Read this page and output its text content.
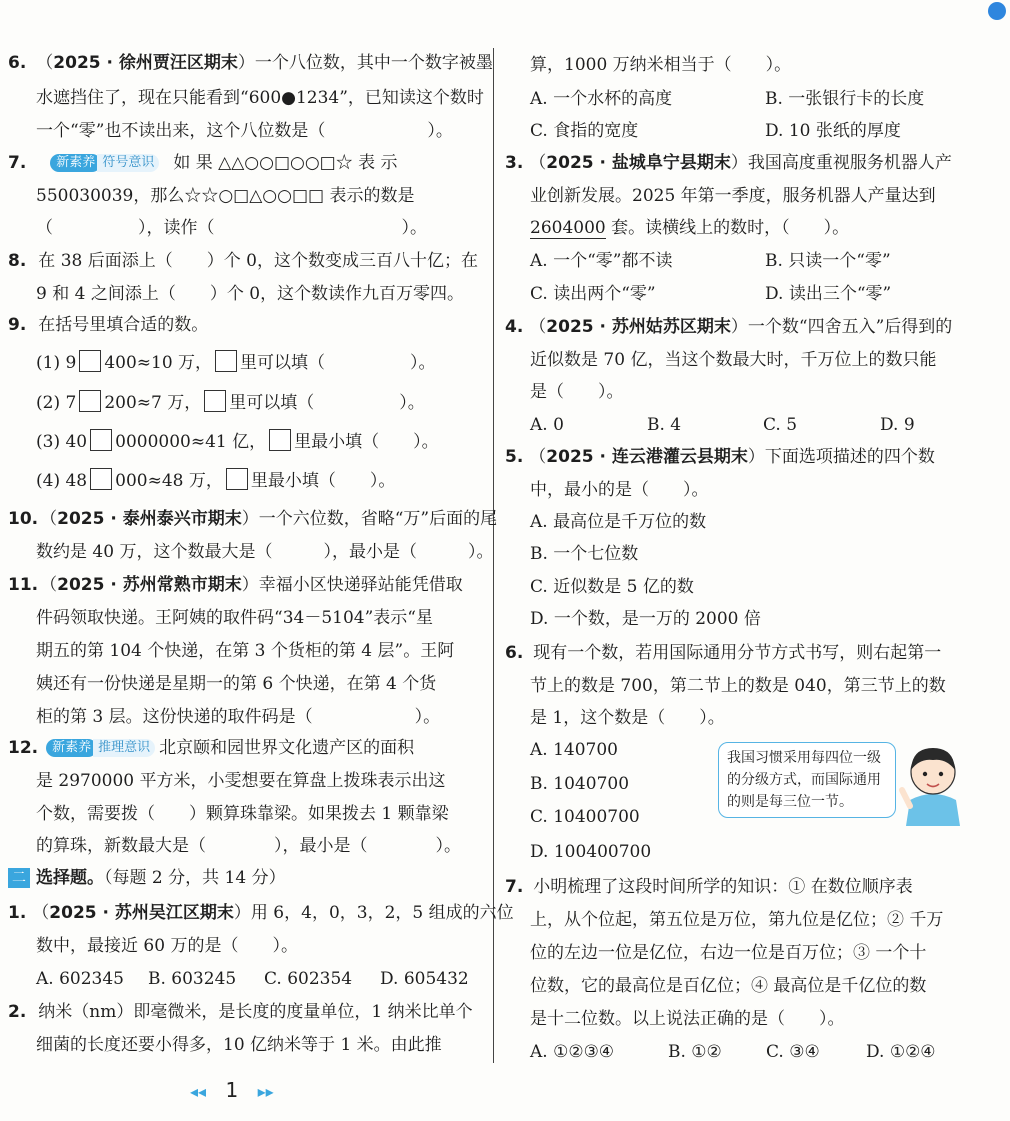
6. （2025 · 徐州贾汪区期末）一个八位数，其中一个数字被墨
水遮挡住了，现在只能看到“600●1234”，已知读这个数时
一个“零”也不读出来，这个八位数是（　　　　　　）。
7. 新素养 符号意识 如 果 △△○○□○○□☆ 表 示
550030039，那么☆☆○□△○○□□ 表示的数是
（　　　　　），读作（　　　　　　　　　　　）。
8. 在 38 后面添上（　　）个 0，这个数变成三百八十亿；在
9 和 4 之间添上（　　）个 0，这个数读作九百万零四。
9. 在括号里填合适的数。
(1) 9 400≈10 万， 里可以填（　　　　　）。
(2) 7 200≈7 万， 里可以填（　　　　　）。
(3) 40 0000000≈41 亿， 里最小填（　　）。
(4) 48 000≈48 万， 里最小填（　　）。
10. （2025 · 泰州泰兴市期末）一个六位数，省略“万”后面的尾
数约是 40 万，这个数最大是（　　　），最小是（　　　）。
11. （2025 · 苏州常熟市期末）幸福小区快递驿站能凭借取
件码领取快递。王阿姨的取件码“34－5104”表示“星
期五的第 104 个快递，在第 3 个货柜的第 4 层”。王阿
姨还有一份快递是星期一的第 6 个快递，在第 4 个货
柜的第 3 层。这份快递的取件码是（　　　　　　）。
12. 新素养 推理意识 北京颐和园世界文化遗产区的面积
是 2970000 平方米，小雯想要在算盘上拨珠表示出这
个数，需要拨（　　）颗算珠靠梁。如果拨去 1 颗靠梁
的算珠，新数最大是（　　　　），最小是（　　　　）。
二 选择题。（每题 2 分，共 14 分）
1. （2025 · 苏州吴江区期末）用 6，4，0，3，2，5 组成的六位
数中，最接近 60 万的是（　　）。
A. 602345 B. 603245 C. 602354 D. 605432
2. 纳米（nm）即毫微米，是长度的度量单位，1 纳米比单个
细菌的长度还要小得多，10 亿纳米等于 1 米。由此推
算，1000 万纳米相当于（　　）。
A. 一个水杯的高度	B. 一张银行卡的长度
C. 食指的宽度	D. 10 张纸的厚度
3. （2025 · 盐城阜宁县期末）我国高度重视服务机器人产
业创新发展。2025 年第一季度，服务机器人产量达到
2604000 套。读横线上的数时，（　　）。
A. 一个“零”都不读	B. 只读一个“零”
C. 读出两个“零”	D. 读出三个“零”
4. （2025 · 苏州姑苏区期末）一个数“四舍五入”后得到的
近似数是 70 亿，当这个数最大时，千万位上的数只能
是（　　）。
A. 0	B. 4	C. 5	D. 9
5. （2025 · 连云港灌云县期末）下面选项描述的四个数
中，最小的是（　　）。
A. 最高位是千万位的数
B. 一个七位数
C. 近似数是 5 亿的数
D. 一个数，是一万的 2000 倍
6. 现有一个数，若用国际通用分节方式书写，则右起第一
节上的数是 700，第二节上的数是 040，第三节上的数
是 1，这个数是（　　）。
A. 140700
B. 1040700
C. 10400700
D. 100400700
我国习惯采用每四位一级的分级方式，而国际通用的则是每三位一节。
7. 小明梳理了这段时间所学的知识：① 在数位顺序表
上，从个位起，第五位是万位，第九位是亿位；② 千万
位的左边一位是亿位，右边一位是百万位；③ 一个十
位数，它的最高位是百亿位；④ 最高位是千亿位的数
是十二位数。以上说法正确的是（　　）。
A. ①②③④	B. ①②	C. ③④	D. ①②④
◂◂ 1 ▸▸
